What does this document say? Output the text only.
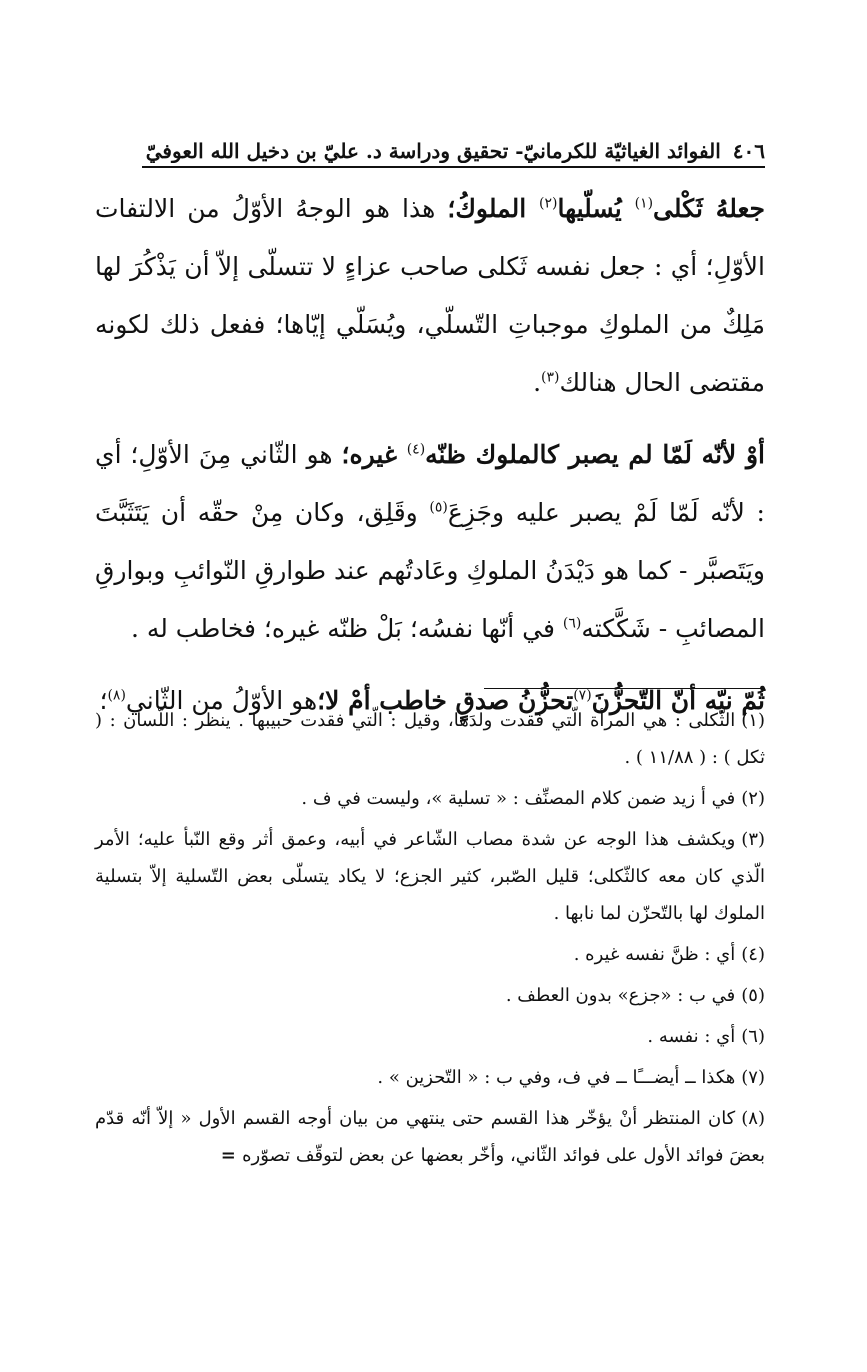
٤٠٦
الفوائد الغياثيّة للكرمانيّ- تحقيق ودراسة د. عليّ بن دخيل الله العوفيّ

جعلهُ ثَكْلى$^{(١)}$ يُسلّيها$^{(٢)}$ الملوكُ؛ هذا هو الوجهُ الأوّلُ من الالتفات الأوّلِ؛ أي : جعل نفسه ثَكلى صاحب عزاءٍ لا تتسلّى إلاّ أن يَذْكُرَ لها مَلِكٌ من الملوكِ موجباتِ التّسلّي، ويُسَلّي إيّاها؛ ففعل ذلك لكونه مقتضى الحال هنالك$^{(٣)}$.

أوْ لأنّه لَمّا لم يصبر كالملوك ظنّه$^{(٤)}$ غيره؛ هو الثّاني مِنَ الأوّلِ؛ أي : لأنّه لَمّا لَمْ يصبر عليه وجَزِعَ$^{(٥)}$ وقَلِق، وكان مِنْ حقّه أن يَتَثَبَّتَ ويَتَصبَّر - كما هو دَيْدَنُ الملوكِ وعَادتُهم عند طوارقِ النّوائبِ وبوارقِ المصائبِ - شَكَّكته$^{(٦)}$ في أنّها نفسُه؛ بَلْ ظنّه غيره؛ فخاطب له .

ثُمّ نبّه أنّ التّحزُّنَ$^{(٧)}$تحزُّنُ صدقٍ خاطب أمْ لا؛هو الأوّلُ من الثّاني$^{(٨)}$؛

(١)الثّكلى : هي المرأة الّتي فقدت ولدَها، وقيل : الّتي فقدت حبيبها . ينظر : اللّسان : ( ثكل ) : ( ١١/٨٨ ) .

(٢)في أ زيد ضمن كلام المصنِّف : « تسلية »، وليست في ف .

(٣)ويكشف هذا الوجه عن شدة مصاب الشّاعر في أبيه، وعمق أثر وقع النّبأ عليه؛ الأمر الّذي كان معه كالثّكلى؛ قليل الصّبر، كثير الجزع؛ لا يكاد يتسلّى بعض التّسلية إلاّ بتسلية الملوك لها بالتّحزّن لما نابها .

(٤)أي : ظنَّ نفسه غيره .

(٥)في ب : «جزع» بدون العطف .

(٦)أي : نفسه .

(٧)هكذا ــ أيضـــًا ــ في ف، وفي ب : « التّحزين » .

(٨)كان المنتظر أنْ يؤخّر هذا القسم حتى ينتهي من بيان أوجه القسم الأول « إلاّ أنّه قدّم بعضَ فوائد الأول على فوائد الثّاني، وأخّر بعضها عن بعض لتوقّف تصوّره =
